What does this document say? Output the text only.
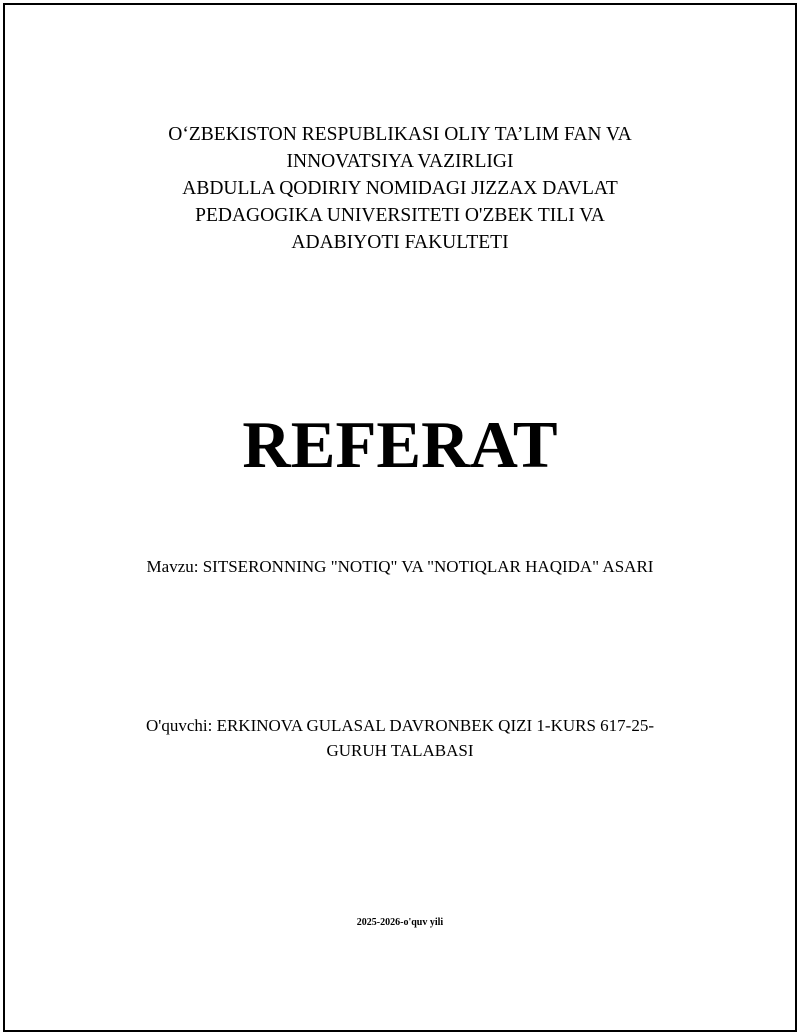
O‘ZBEKISTON RESPUBLIKASI OLIY TA’LIM FAN VA
INNOVATSIYA VAZIRLIGI
ABDULLA QODIRIY NOMIDAGI JIZZAX DAVLAT
PEDAGOGIKA UNIVERSITETI O'ZBEK TILI VA
ADABIYOTI FAKULTETI
REFERAT
Mavzu: SITSERONNING "NOTIQ" VA "NOTIQLAR HAQIDA" ASARI
O'quvchi: ERKINOVA GULASAL DAVRONBEK QIZI 1-KURS 617-25-
GURUH TALABASI
2025-2026-o'quv yili
